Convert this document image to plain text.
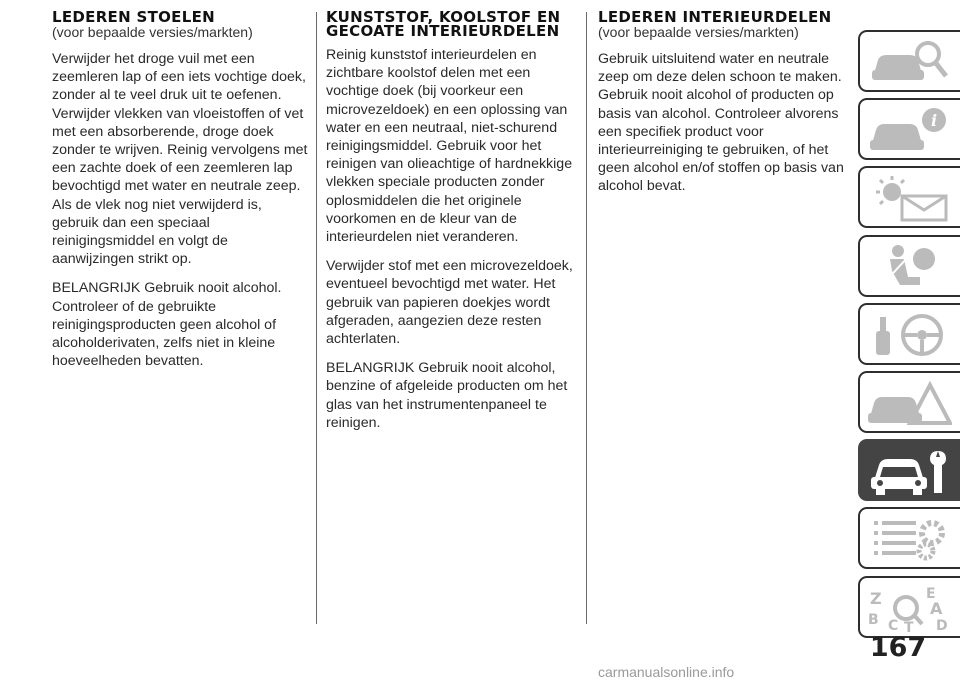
LEDEREN STOELEN
(voor bepaalde versies/markten)

Verwijder het droge vuil met een zeemleren lap of een iets vochtige doek, zonder al te veel druk uit te oefenen. Verwijder vlekken van vloeistoffen of vet met een absorberende, droge doek zonder te wrijven. Reinig vervolgens met een zachte doek of een zeemleren lap bevochtigd met water en neutrale zeep. Als de vlek nog niet verwijderd is, gebruik dan een speciaal reinigingsmiddel en volgt de aanwijzingen strikt op.

BELANGRIJK Gebruik nooit alcohol. Controleer of de gebruikte reinigingsproducten geen alcohol of alcoholderivaten, zelfs niet in kleine hoeveelheden bevatten.

KUNSTSTOF, KOOLSTOF EN GECOATE INTERIEURDELEN

Reinig kunststof interieurdelen en zichtbare koolstof delen met een vochtige doek (bij voorkeur een microvezeldoek) en een oplossing van water en een neutraal, niet-schurend reinigingsmiddel. Gebruik voor het reinigen van olieachtige of hardnekkige vlekken speciale producten zonder oplosmiddelen die het originele voorkomen en de kleur van de interieurdelen niet veranderen.

Verwijder stof met een microvezeldoek, eventueel bevochtigd met water. Het gebruik van papieren doekjes wordt afgeraden, aangezien deze resten achterlaten.

BELANGRIJK Gebruik nooit alcohol, benzine of afgeleide producten om het glas van het instrumentenpaneel te reinigen.

LEDEREN INTERIEURDELEN
(voor bepaalde versies/markten)

Gebruik uitsluitend water en neutrale zeep om deze delen schoon te maken. Gebruik nooit alcohol of producten op basis van alcohol. Controleer alvorens een specifiek product voor interieurreiniging te gebruiken, of het geen alcohol en/of stoffen op basis van alcohol bevat.

i
Z	E
A
B C T D
167
carmanualsonline.info
